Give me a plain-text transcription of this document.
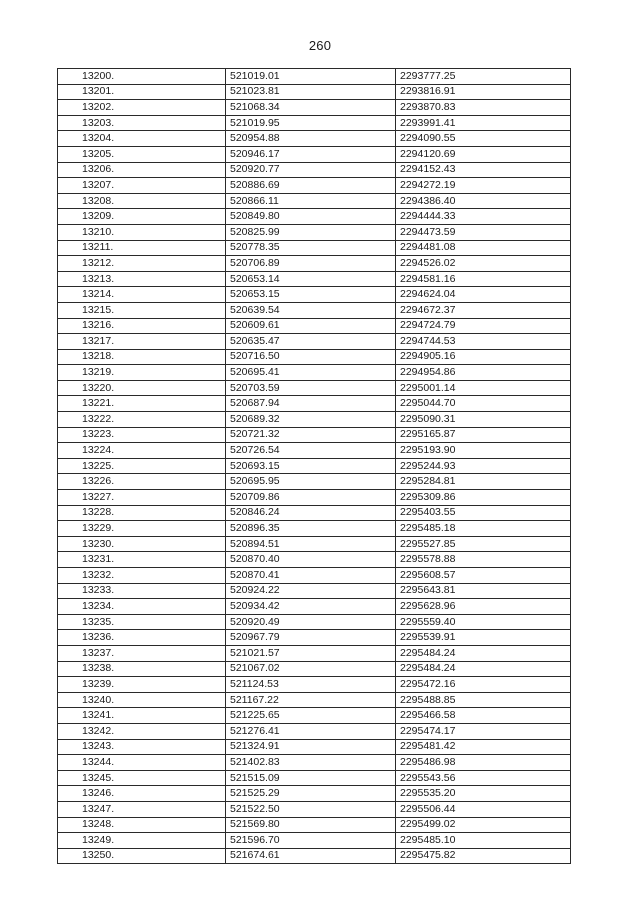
260
13200.	521019.01	2293777.25
13201.	521023.81	2293816.91
13202.	521068.34	2293870.83
13203.	521019.95	2293991.41
13204.	520954.88	2294090.55
13205.	520946.17	2294120.69
13206.	520920.77	2294152.43
13207.	520886.69	2294272.19
13208.	520866.11	2294386.40
13209.	520849.80	2294444.33
13210.	520825.99	2294473.59
13211.	520778.35	2294481.08
13212.	520706.89	2294526.02
13213.	520653.14	2294581.16
13214.	520653.15	2294624.04
13215.	520639.54	2294672.37
13216.	520609.61	2294724.79
13217.	520635.47	2294744.53
13218.	520716.50	2294905.16
13219.	520695.41	2294954.86
13220.	520703.59	2295001.14
13221.	520687.94	2295044.70
13222.	520689.32	2295090.31
13223.	520721.32	2295165.87
13224.	520726.54	2295193.90
13225.	520693.15	2295244.93
13226.	520695.95	2295284.81
13227.	520709.86	2295309.86
13228.	520846.24	2295403.55
13229.	520896.35	2295485.18
13230.	520894.51	2295527.85
13231.	520870.40	2295578.88
13232.	520870.41	2295608.57
13233.	520924.22	2295643.81
13234.	520934.42	2295628.96
13235.	520920.49	2295559.40
13236.	520967.79	2295539.91
13237.	521021.57	2295484.24
13238.	521067.02	2295484.24
13239.	521124.53	2295472.16
13240.	521167.22	2295488.85
13241.	521225.65	2295466.58
13242.	521276.41	2295474.17
13243.	521324.91	2295481.42
13244.	521402.83	2295486.98
13245.	521515.09	2295543.56
13246.	521525.29	2295535.20
13247.	521522.50	2295506.44
13248.	521569.80	2295499.02
13249.	521596.70	2295485.10
13250.	521674.61	2295475.82
